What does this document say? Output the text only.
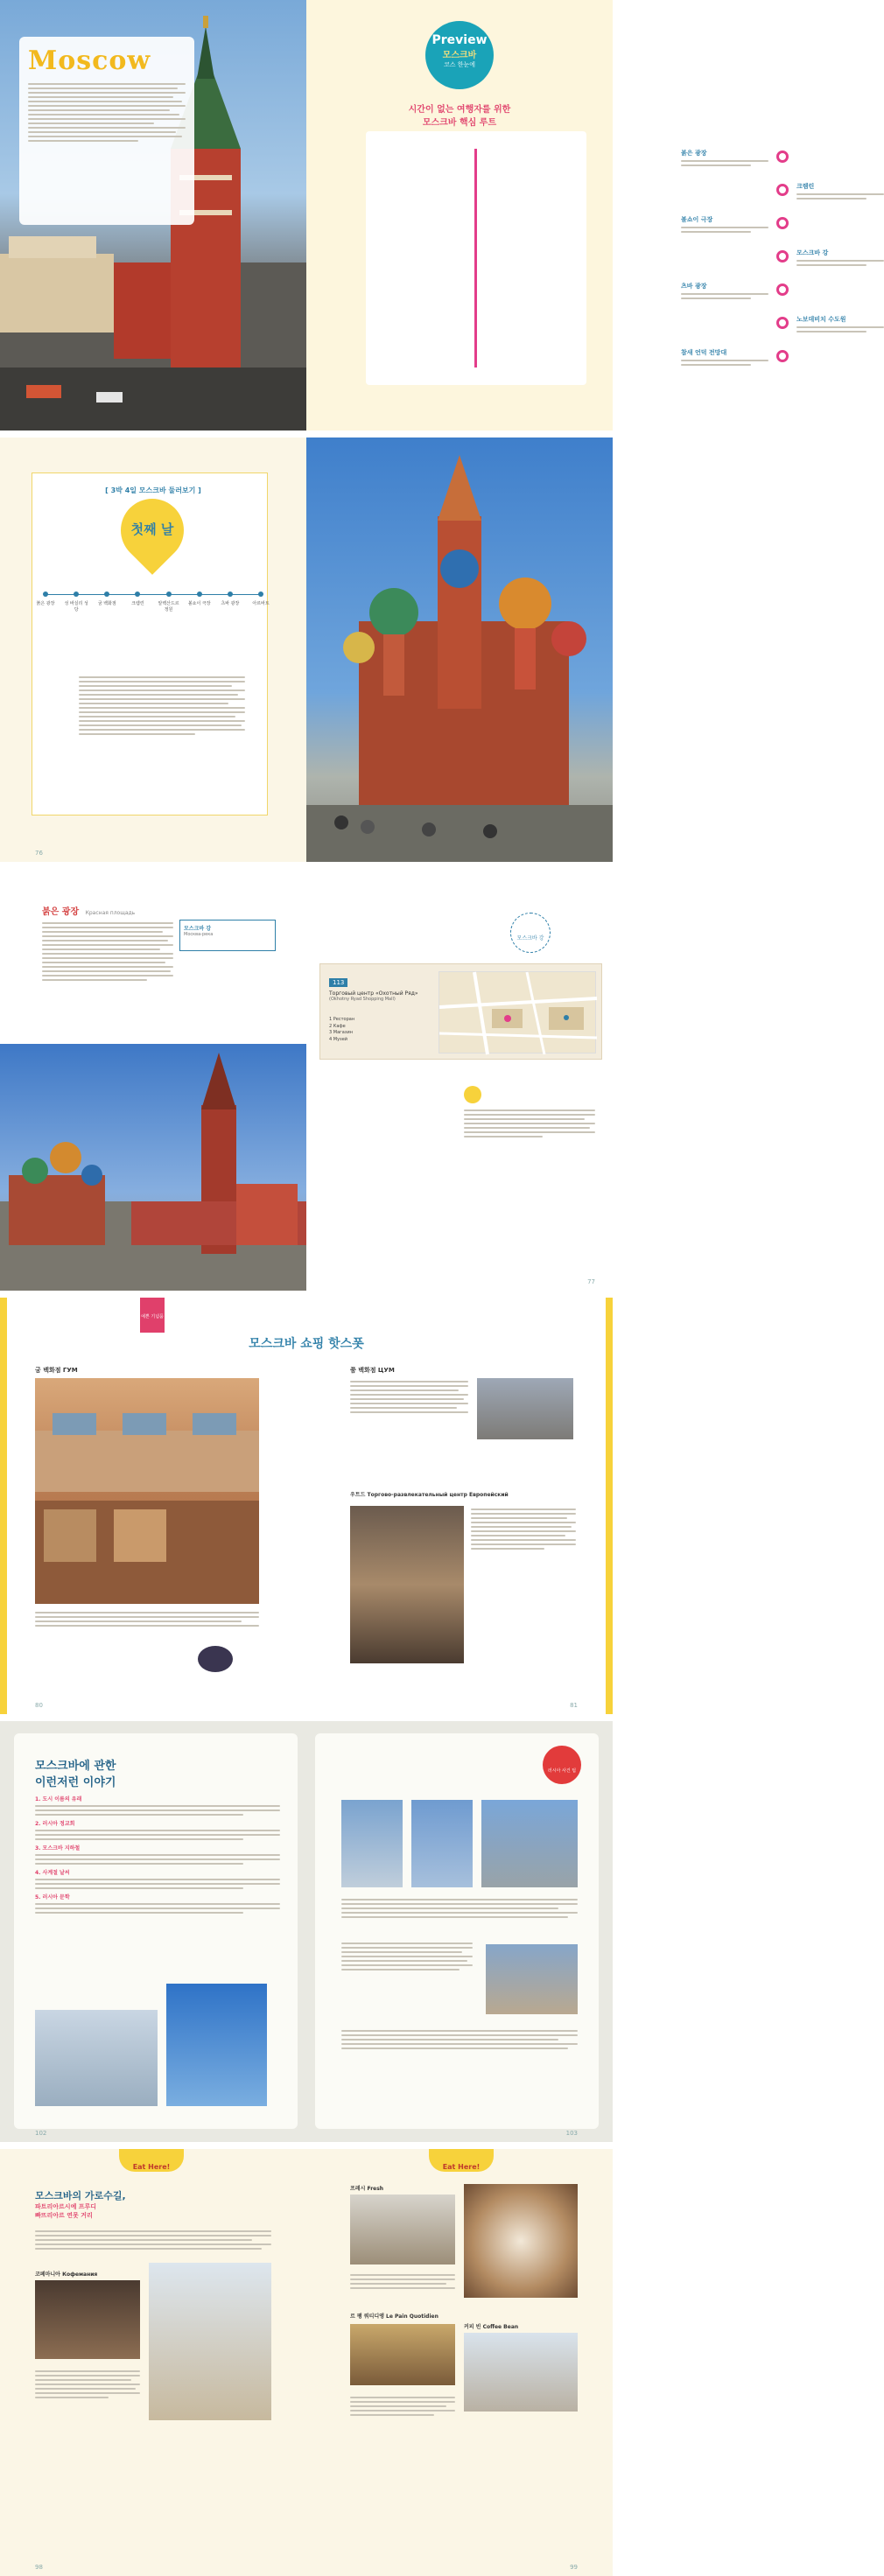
Moscow
Preview
모스크바
코스 한눈에
시간이 없는 여행자를 위한
모스크바 핵심 루트
붉은 광장
크렘린
볼쇼이 극장
모스크바 강
츠바 광장
노보데비치 수도원
참새 언덕 전망대
[ 3박 4일 모스크바 둘러보기 ]
첫째 날
붉은 광장	성 바실리 성당
굼 백화점	크렘린	알렉산드르 정원
볼쇼이 극장	츠바 광장	아르바트
76
붉은 광장 Красная площадь
모스크바 강
Москва-река
모스크바 강
113
Торговый центр «Охотный Ряд»
(Okhotny Ryad Shopping Mall)
1 Ресторан
2 Кафе
3 Магазин
4 Музей
77
예쁜 기념품
모스크바 쇼핑 핫스폿
굼 백화점 ГУМ	쭘 백화점 ЦУМ
우트드 Торгово-развлекательный центр Европейский
80	81
모스크바에 관한
이런저런 이야기
1. 도시 이름의 유래
2. 러시아 정교회
3. 모스크바 지하철
4. 사계절 날씨
5. 러시아 문학
러시아 사건 팁
102	103
Eat Here!	Eat Here!
모스크바의 가로수길,
파트리아르시예 프루디
빠뜨리아르 연못 거리
코페마니아 Кофемания
프레시 Fresh
르 팽 쿼티디앵 Le Pain Quotidien
커피 빈 Coffee Bean
98	99
